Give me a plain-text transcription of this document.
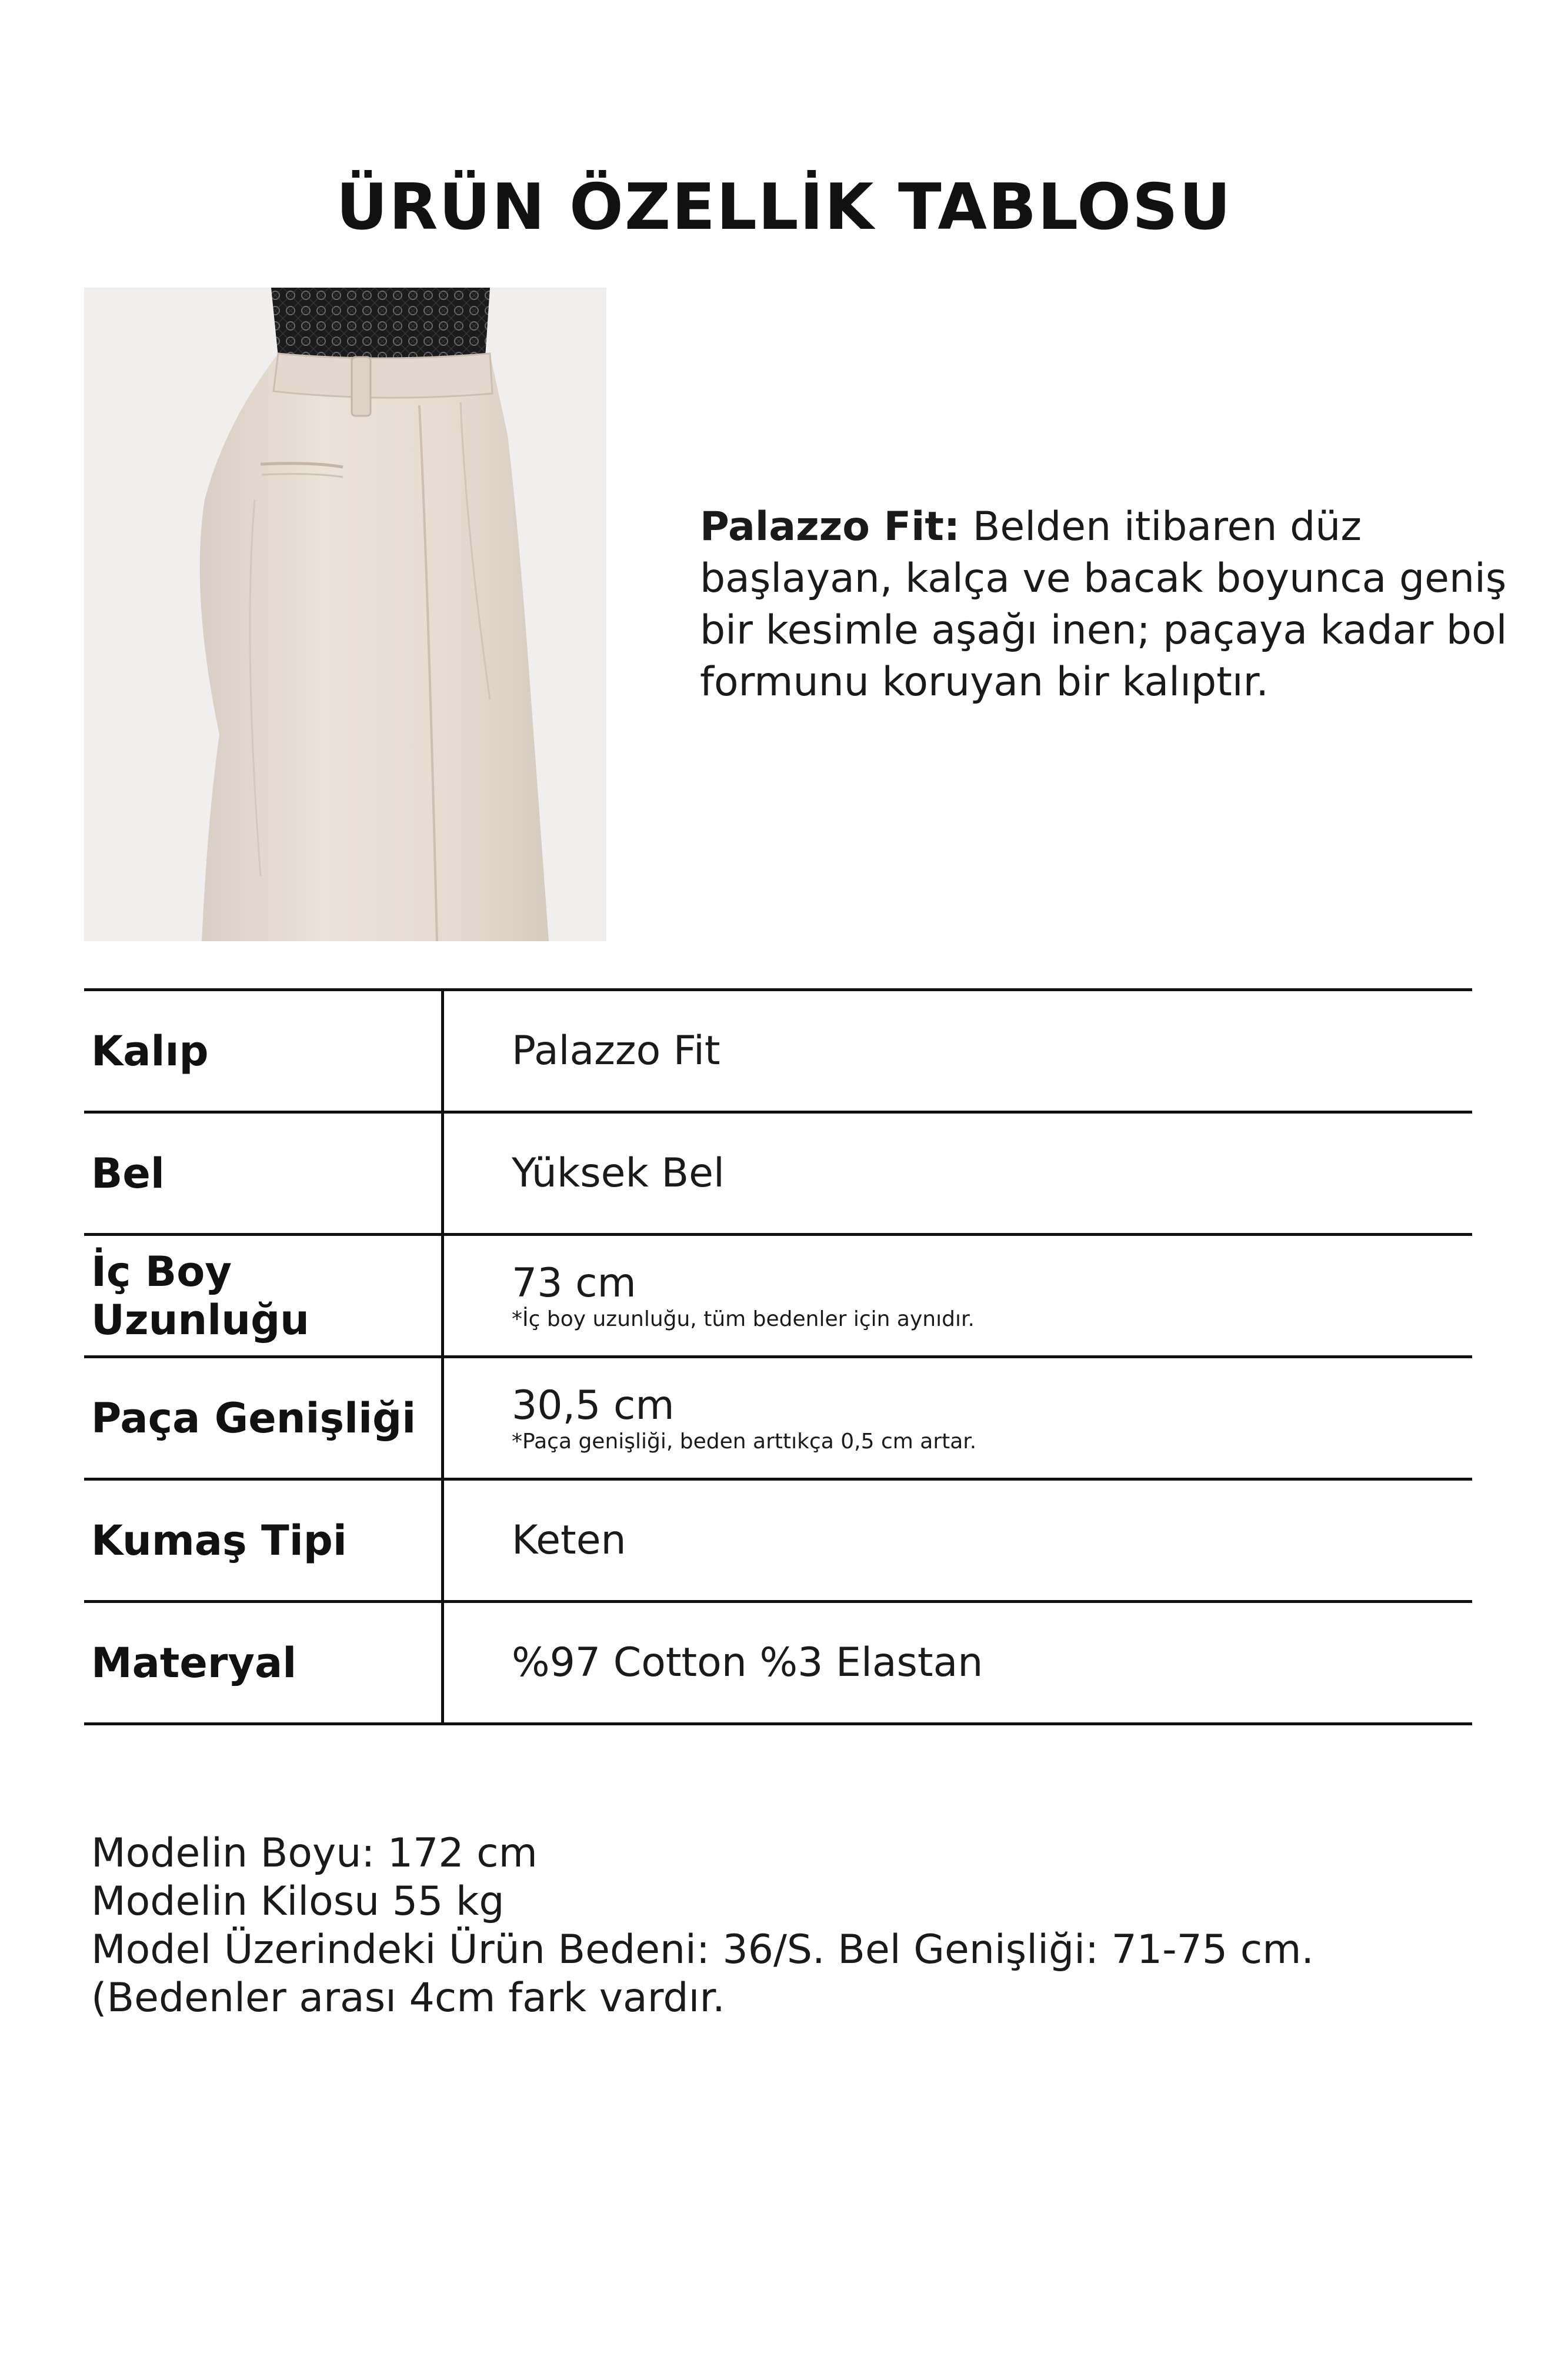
ÜRÜN ÖZELLİK TABLOSU
Palazzo Fit: Belden itibaren düz başlayan, kalça ve bacak boyunca geniş bir kesimle aşağı inen; paçaya kadar bol formunu koruyan bir kalıptır.
Kalıp	Palazzo Fit
Bel	Yüksek Bel
İç Boy Uzunluğu	73 cm
*İç boy uzunluğu, tüm bedenler için aynıdır.

Paça Genişliği	30,5 cm
*Paça genişliği, beden arttıkça 0,5 cm artar.

Kumaş Tipi	Keten
Materyal	%97 Cotton %3 Elastan
Modelin Boyu: 172 cm
Modelin Kilosu 55 kg
Model Üzerindeki Ürün Bedeni: 36/S. Bel Genişliği: 71-75 cm. (Bedenler arası 4cm fark vardır.
